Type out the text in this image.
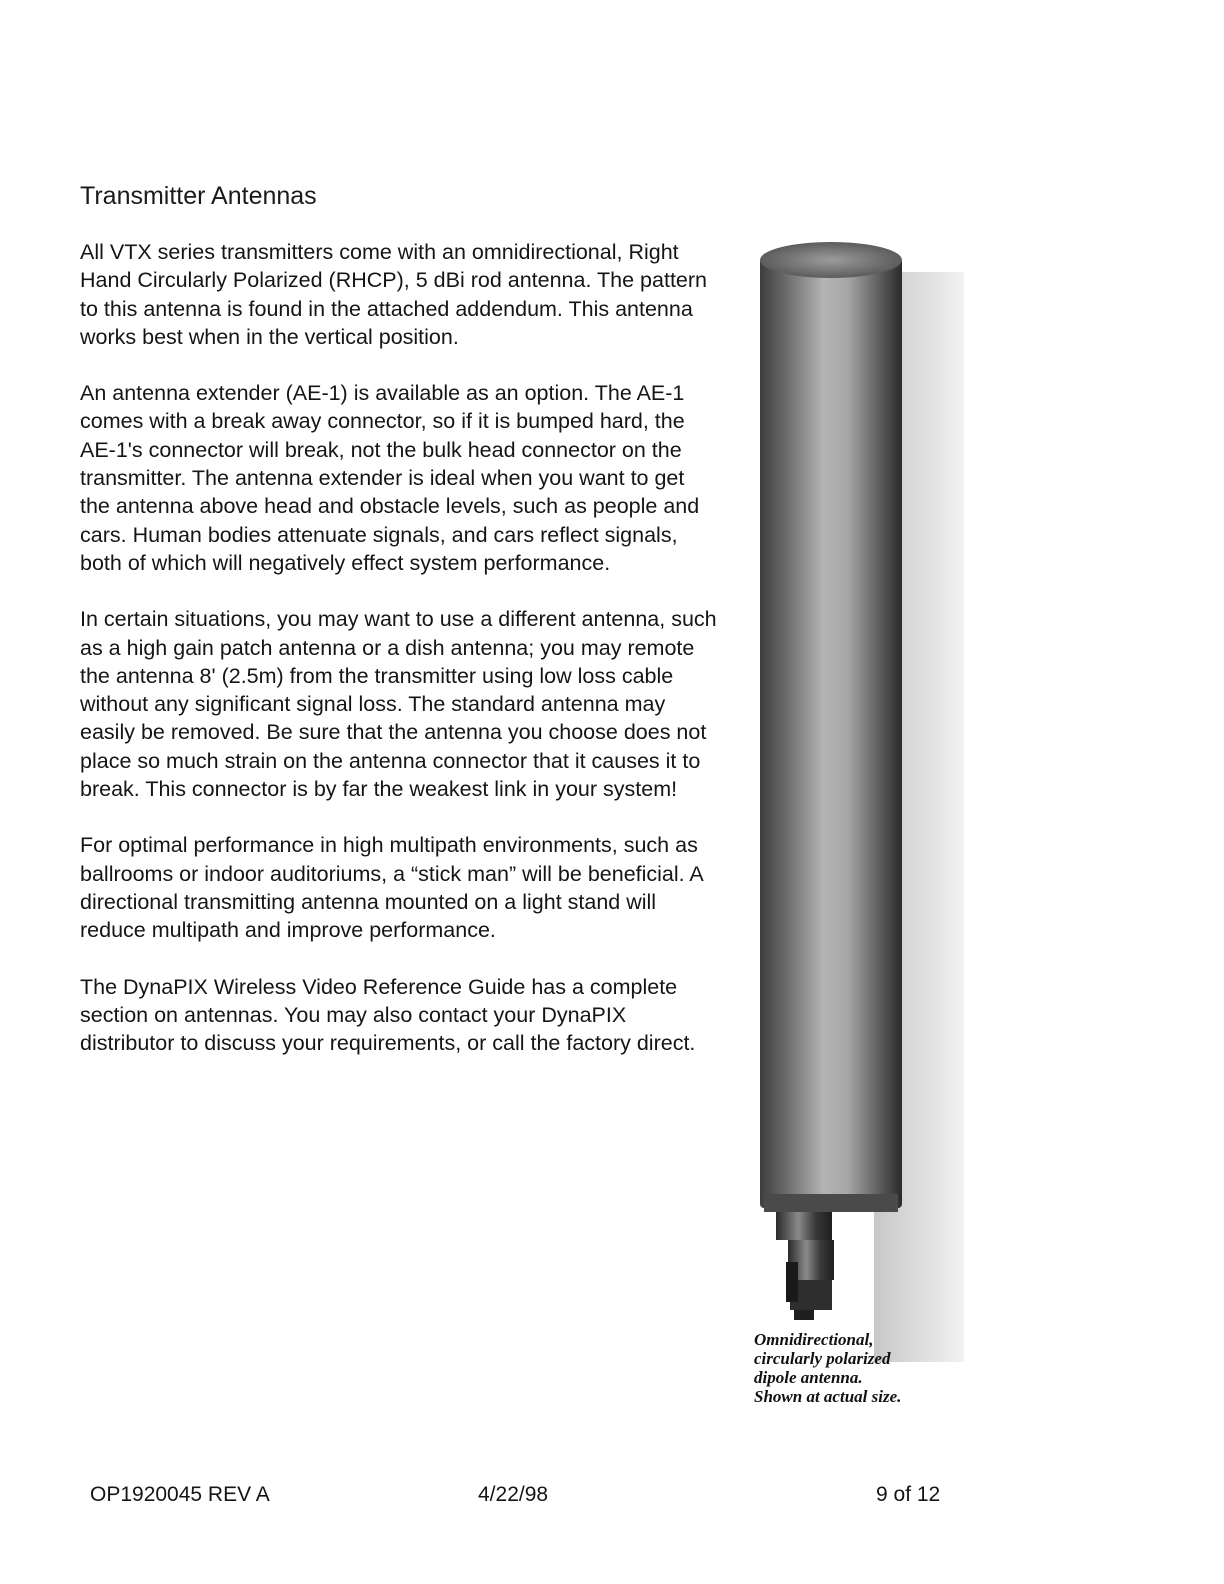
Transmitter Antennas

All VTX series transmitters come with an omnidirectional, Right Hand Circularly Polarized (RHCP), 5 dBi rod antenna. The pattern to this antenna is found in the attached addendum. This antenna works best when in the vertical position.

An antenna extender (AE-1) is available as an option. The AE-1 comes with a break away connector, so if it is bumped hard, the AE-1's connector will break, not the bulk head connector on the transmitter. The antenna extender is ideal when you want to get the antenna above head and obstacle levels, such as people and cars. Human bodies attenuate signals, and cars reflect signals, both of which will negatively effect system performance.

In certain situations, you may want to use a different antenna, such as a high gain patch antenna or a dish antenna; you may remote the antenna 8' (2.5m) from the transmitter using low loss cable without any significant signal loss. The standard antenna may easily be removed. Be sure that the antenna you choose does not place so much strain on the antenna connector that it causes it to break. This connector is by far the weakest link in your system!

For optimal performance in high multipath environments, such as ballrooms or indoor auditoriums, a “stick man” will be beneficial. A directional transmitting antenna mounted on a light stand will reduce multipath and improve performance.

The DynaPIX Wireless Video Reference Guide has a complete section on antennas. You may also contact your DynaPIX distributor to discuss your requirements, or call the factory direct.

Omnidirectional,
circularly polarized
dipole antenna.
Shown at actual size.
OP1920045 REV A	4/22/98	9 of 12
